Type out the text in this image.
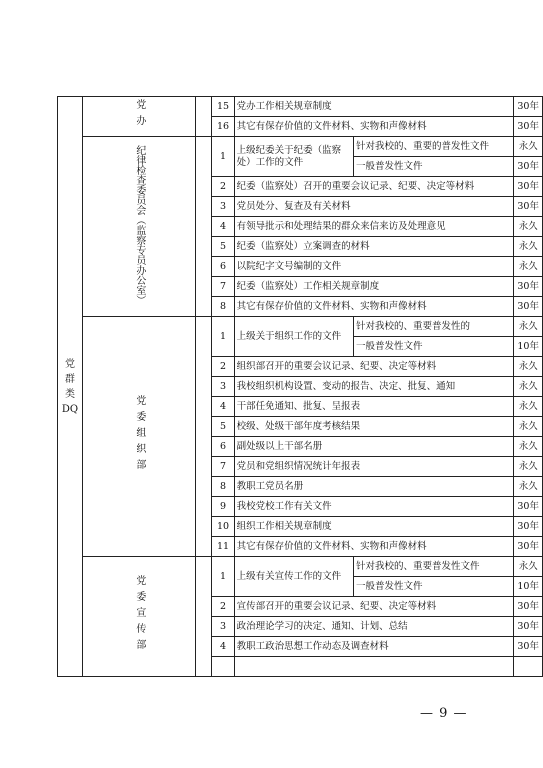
党
群
类
DQ	党办		15	党办工作相关规章制度		30年
			16	其它有保存价值的文件材料、实物和声像材料		30年
	纪律检查委员会（监察专员办公室）		1	上级纪委关于纪委（监察处）工作的文件	针对我校的、重要的普发性文件	永久
					一般普发性文件	30年
			2	纪委（监察处）召开的重要会议记录、纪要、决定等材料		30年
			3	党员处分、复查及有关材料		30年
			4	有领导批示和处理结果的群众来信来访及处理意见		永久
			5	纪委（监察处）立案调查的材料		永久
			6	以院纪字文号编制的文件		永久
			7	纪委（监察处）工作相关规章制度		30年
			8	其它有保存价值的文件材料、实物和声像材料		30年
	党委组织部		1	上级关于组织工作的文件	针对我校的、重要普发性的	永久
					一般普发性文件	10年
			2	组织部召开的重要会议记录、纪要、决定等材料		永久
			3	我校组织机构设置、变动的报告、决定、批复、通知		永久
			4	干部任免通知、批复、呈报表		永久
			5	校级、处级干部年度考核结果		永久
			6	副处级以上干部名册		永久
			7	党员和党组织情况统计年报表		永久
			8	教职工党员名册		永久
			9	我校党校工作有关文件		30年
			10	组织工作相关规章制度		30年
			11	其它有保存价值的文件材料、实物和声像材料		30年
	党委宣传部		1	上级有关宣传工作的文件	针对我校的、重要普发性文件	永久
					一般普发性文件	10年
			2	宣传部召开的重要会议记录、纪要、决定等材料		30年
			3	政治理论学习的决定、通知、计划、总结		30年
			4	教职工政治思想工作动态及调查材料		30年

— 9 —
